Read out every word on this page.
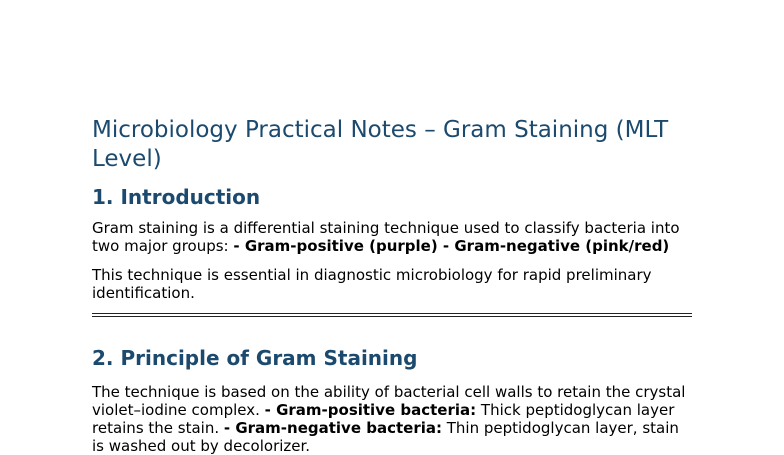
Microbiology Practical Notes – Gram Staining (MLT Level)
1. Introduction

Gram staining is a differential staining technique used to classify bacteria into two major groups: - Gram-positive (purple) - Gram-negative (pink/red)

This technique is essential in diagnostic microbiology for rapid preliminary identification.

2. Principle of Gram Staining

The technique is based on the ability of bacterial cell walls to retain the crystal violet–iodine complex. - Gram-positive bacteria: Thick peptidoglycan layer retains the stain. - Gram-negative bacteria: Thin peptidoglycan layer, stain is washed out by decolorizer.
